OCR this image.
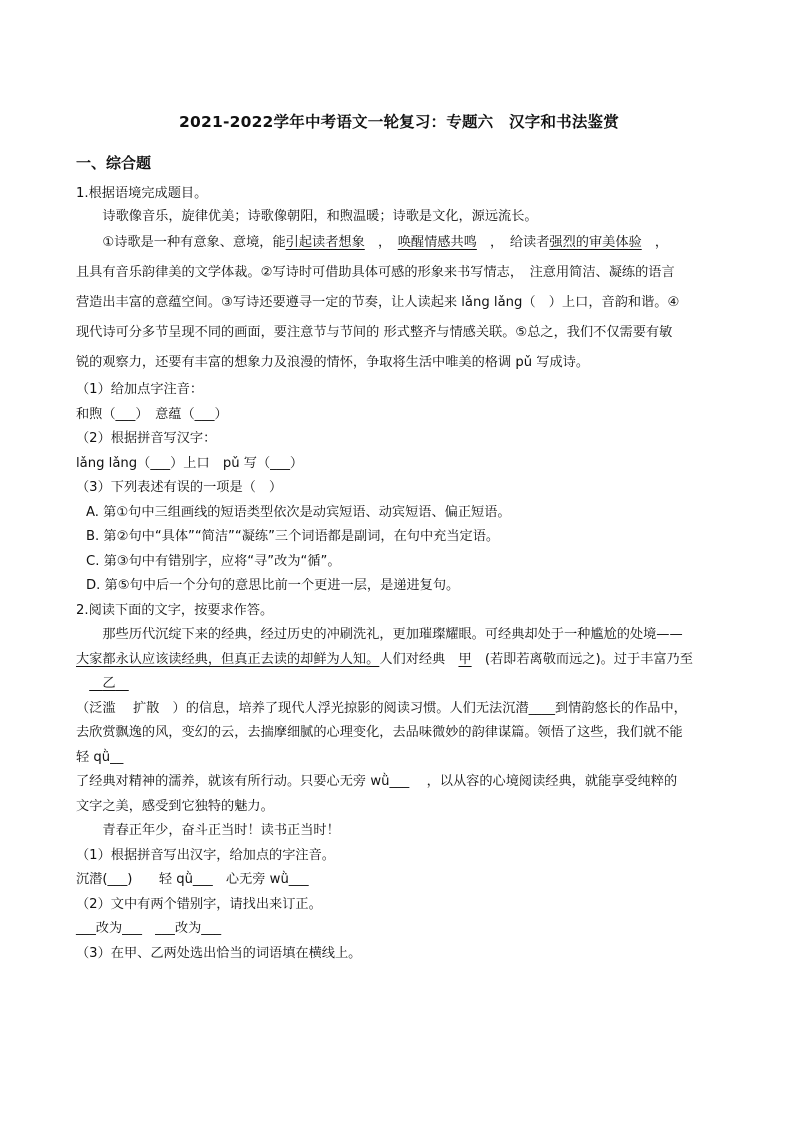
2021-2022学年中考语文一轮复习：专题六　汉字和书法鉴赏
一、综合题

1.根据语境完成题目。

诗歌像音乐，旋律优美；诗歌像朝阳，和煦温暖；诗歌是文化，源远流长。

①诗歌是一种有意象、意境，能引起读者想象　，　唤醒情感共鸣　，　给读者强烈的审美体验　，

且具有音乐韵律美的文学体裁。②写诗时可借助具体可感的形象来书写情志，　注意用简洁、凝练的语言

营造出丰富的意蕴空间。③写诗还要遵寻一定的节奏，让人读起来 lǎng lǎng（　）上口，音韵和谐。④

现代诗可分多节呈现不同的画面，要注意节与节间的 形式整齐与情感关联。⑤总之，我们不仅需要有敏

锐的观察力，还要有丰富的想象力及浪漫的情怀，争取将生活中唯美的格调 pǔ 写成诗。

（1）给加点字注音：

和煦（___）　意蕴（___）

（2）根据拼音写汉字：

lǎng lǎng（___）上口　pǔ 写（___）

（3）下列表述有误的一项是（　）

A. 第①句中三组画线的短语类型依次是动宾短语、动宾短语、偏正短语。

B. 第②句中“具体”“简洁”“凝练”三个词语都是副词，在句中充当定语。

C. 第③句中有错别字，应将“寻”改为“循”。

D. 第⑤句中后一个分句的意思比前一个更进一层，是递进复句。

2.阅读下面的文字，按要求作答。

那些历代沉绽下来的经典，经过历史的冲刷洗礼，更加璀璨耀眼。可经典却处于一种尴尬的处境——

大家都永认应该读经典，但真正去读的却鲜为人知。人们对经典　 甲　 (若即若离敬而远之)。过于丰富乃至

　　乙　

（泛滥　 扩散　）的信息，培养了现代人浮光掠影的阅读习惯。人们无法沉潜____到情韵悠长的作品中，

去欣赏飘逸的风，变幻的云，去揣摩细腻的心理变化，去品味微妙的韵律谋篇。领悟了这些，我们就不能

轻 qǜ__

了经典对精神的濡养，就该有所行动。只要心无旁 wǜ___　 ，以从容的心境阅读经典，就能享受纯粹的

文字之美，感受到它独特的魅力。

青春正年少，奋斗正当时！读书正当时！

（1）根据拼音写出汉字，给加点的字注音。

沉潜(___)　　轻 qǜ___　心无旁 wǜ___

（2）文中有两个错别字，请找出来订正。

___改为___　___改为___

（3）在甲、乙两处选出恰当的词语填在横线上。
